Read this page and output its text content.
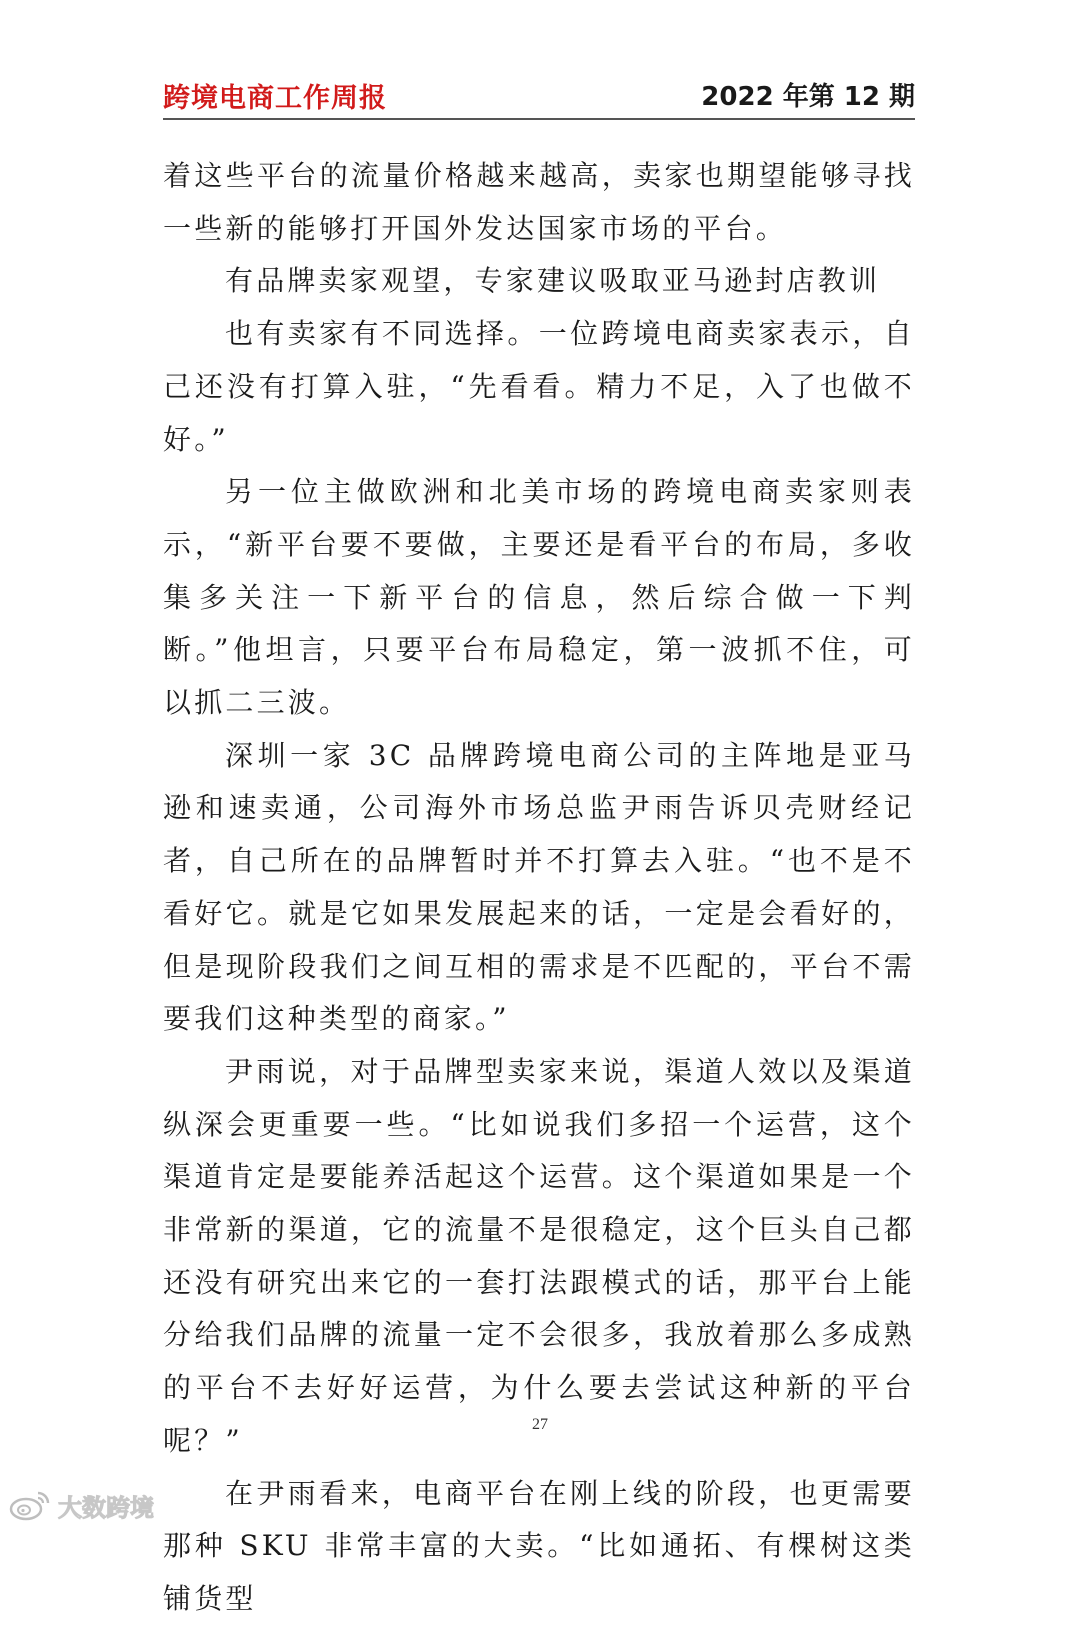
跨境电商工作周报	2022 年第 12 期

着这些平台的流量价格越来越高，卖家也期望能够寻找一些新的能够打开国外发达国家市场的平台。

有品牌卖家观望，专家建议吸取亚马逊封店教训

也有卖家有不同选择。一位跨境电商卖家表示，自己还没有打算入驻，“先看看。精力不足，入了也做不好。”

另一位主做欧洲和北美市场的跨境电商卖家则表示，“新平台要不要做，主要还是看平台的布局，多收集多关注一下新平台的信息，然后综合做一下判断。”他坦言，只要平台布局稳定，第一波抓不住，可以抓二三波。

深圳一家 3C 品牌跨境电商公司的主阵地是亚马逊和速卖通，公司海外市场总监尹雨告诉贝壳财经记者，自己所在的品牌暂时并不打算去入驻。“也不是不看好它。就是它如果发展起来的话，一定是会看好的，但是现阶段我们之间互相的需求是不匹配的，平台不需要我们这种类型的商家。”

尹雨说，对于品牌型卖家来说，渠道人效以及渠道纵深会更重要一些。“比如说我们多招一个运营，这个渠道肯定是要能养活起这个运营。这个渠道如果是一个非常新的渠道，它的流量不是很稳定，这个巨头自己都还没有研究出来它的一套打法跟模式的话，那平台上能分给我们品牌的流量一定不会很多，我放着那么多成熟的平台不去好好运营，为什么要去尝试这种新的平台呢？”

在尹雨看来，电商平台在刚上线的阶段，也更需要那种 SKU 非常丰富的大卖。“比如通拓、有棵树这类铺货型

27
大数跨境
